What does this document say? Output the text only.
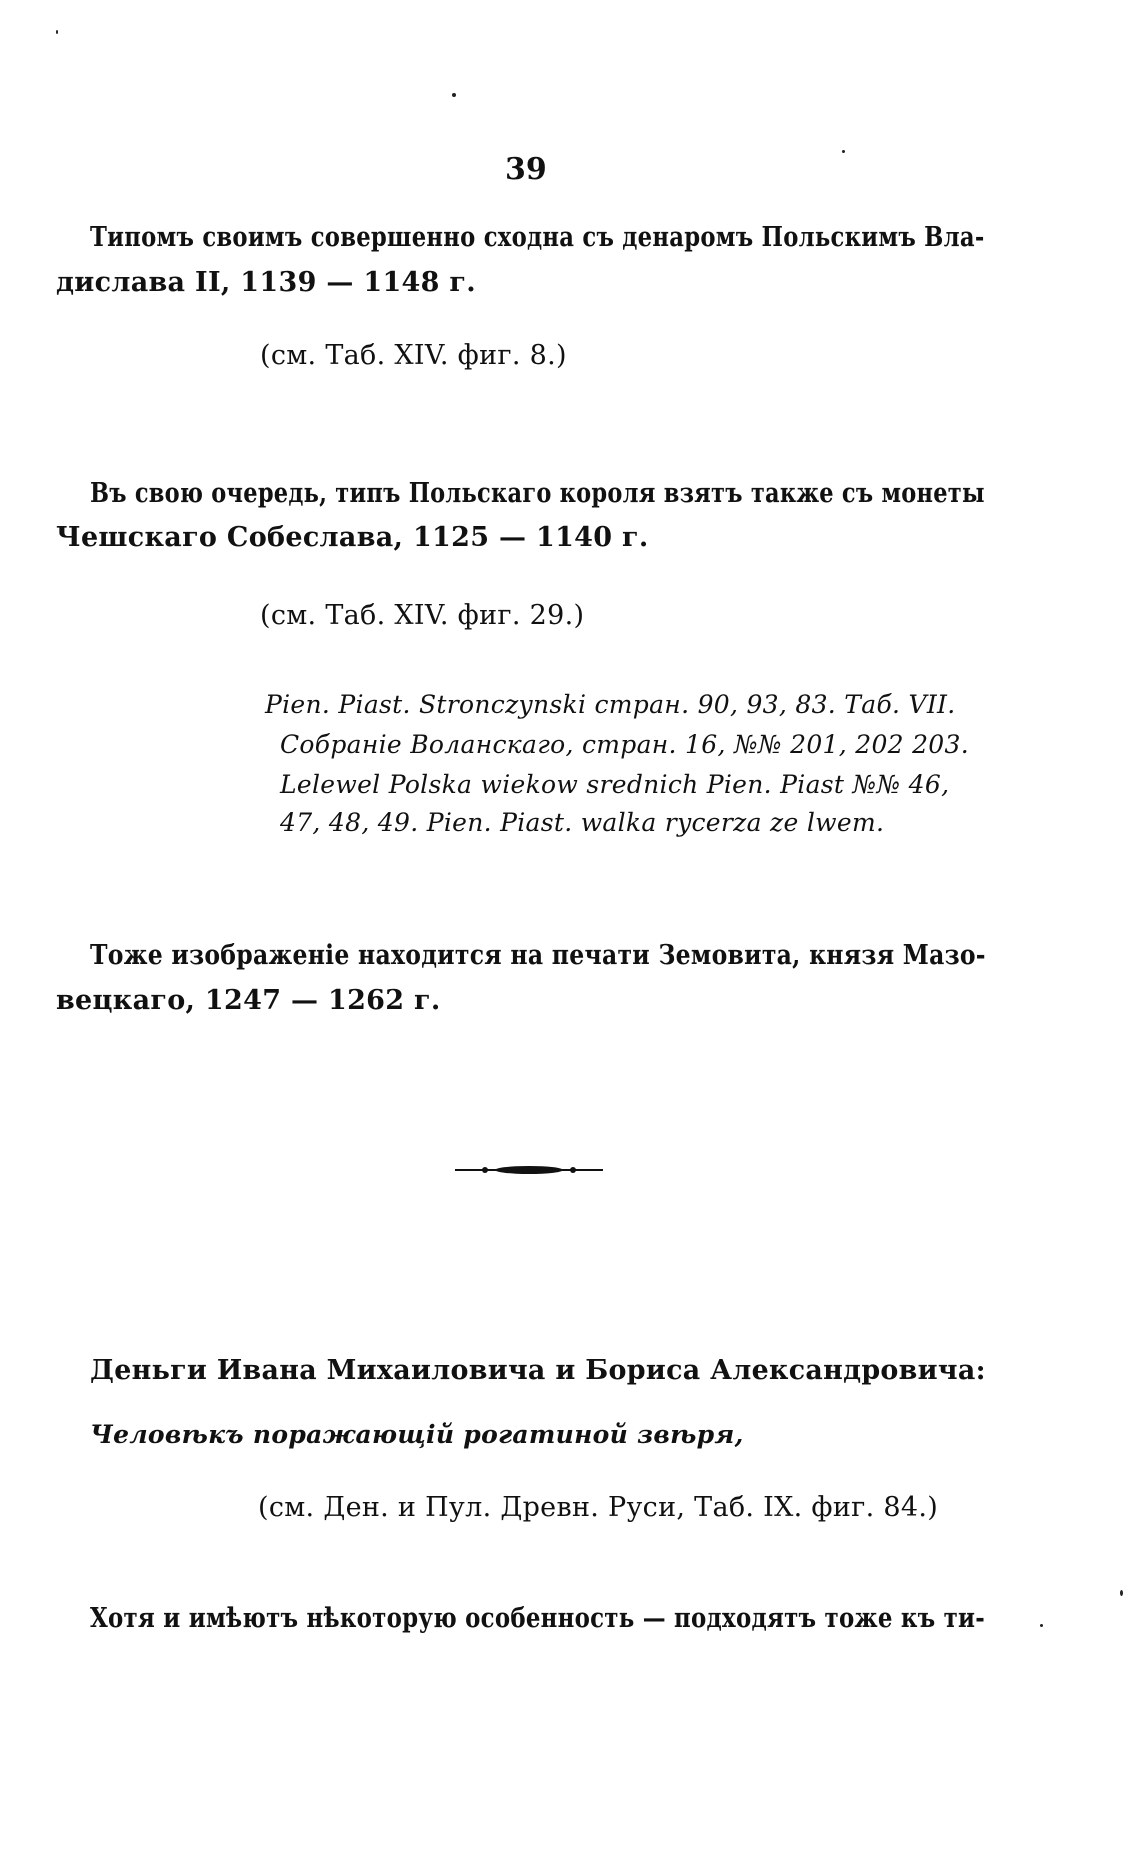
39
Типомъ своимъ совершенно сходна съ денаромъ Польскимъ Вла-
дислава II, 1139 — 1148 г.
(см. Таб. XIV. фиг. 8.)
Въ свою очередь, типъ Польскаго короля взятъ также съ монеты
Чешскаго Собеслава, 1125 — 1140 г.
(см. Таб. XIV. фиг. 29.)
Pien. Piast. Stronczynski стран. 90, 93, 83. Таб. VII.
Собраніе Воланскаго, стран. 16, №№ 201, 202 203.
Lelewel Polska wiekow srednich Pien. Piast №№ 46,
47, 48, 49. Pien. Piast. walka rycerza ze lwem.
Тоже изображеніе находится на печати Земовита, князя Мазо-
вецкаго, 1247 — 1262 г.
Деньги Ивана Михаиловича и Бориса Александровича:
Человѣкъ поражающій рогатиной звѣря,
(см. Ден. и Пул. Древн. Руси, Таб. IX. фиг. 84.)
Хотя и имѣютъ нѣкоторую особенность — подходятъ тоже къ ти-
